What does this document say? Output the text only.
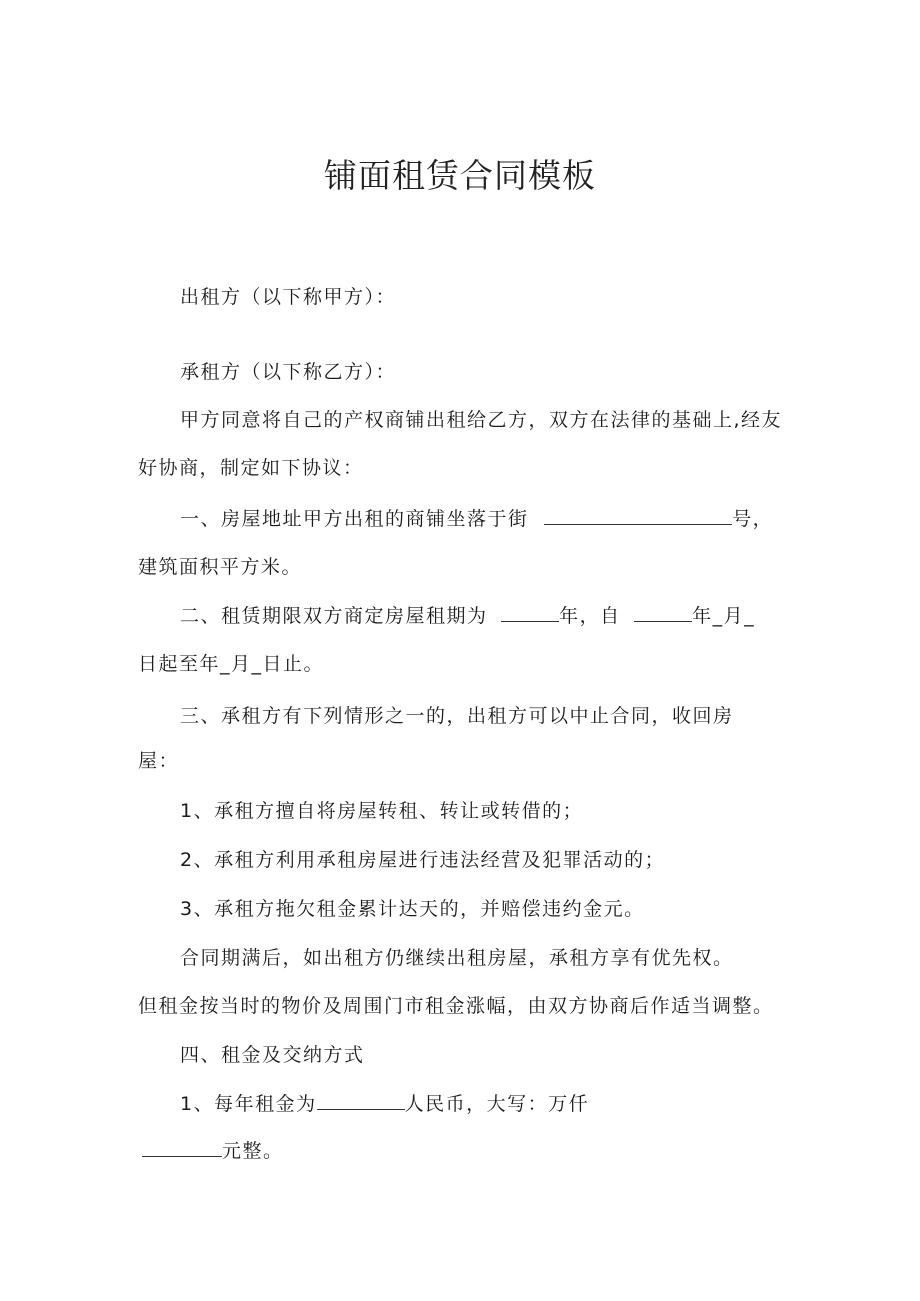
铺面租赁合同模板
出租方（以下称甲方）：
承租方（以下称乙方）：
甲方同意将自己的产权商铺出租给乙方，双方在法律的基础上,经友
好协商，制定如下协议：
一、房屋地址甲方出租的商铺坐落于街	号，
建筑面积平方米。
二、租赁期限双方商定房屋租期为	年，自	年_月_
日起至年_月_日止。
三、承租方有下列情形之一的，出租方可以中止合同，收回房
屋：
1、承租方擅自将房屋转租、转让或转借的；
2、承租方利用承租房屋进行违法经营及犯罪活动的；
3、承租方拖欠租金累计达天的，并赔偿违约金元。
合同期满后，如出租方仍继续出租房屋，承租方享有优先权。
但租金按当时的物价及周围门市租金涨幅，由双方协商后作适当调整。
四、租金及交纳方式
1、每年租金为	人民币，大写：万仟
元整。
